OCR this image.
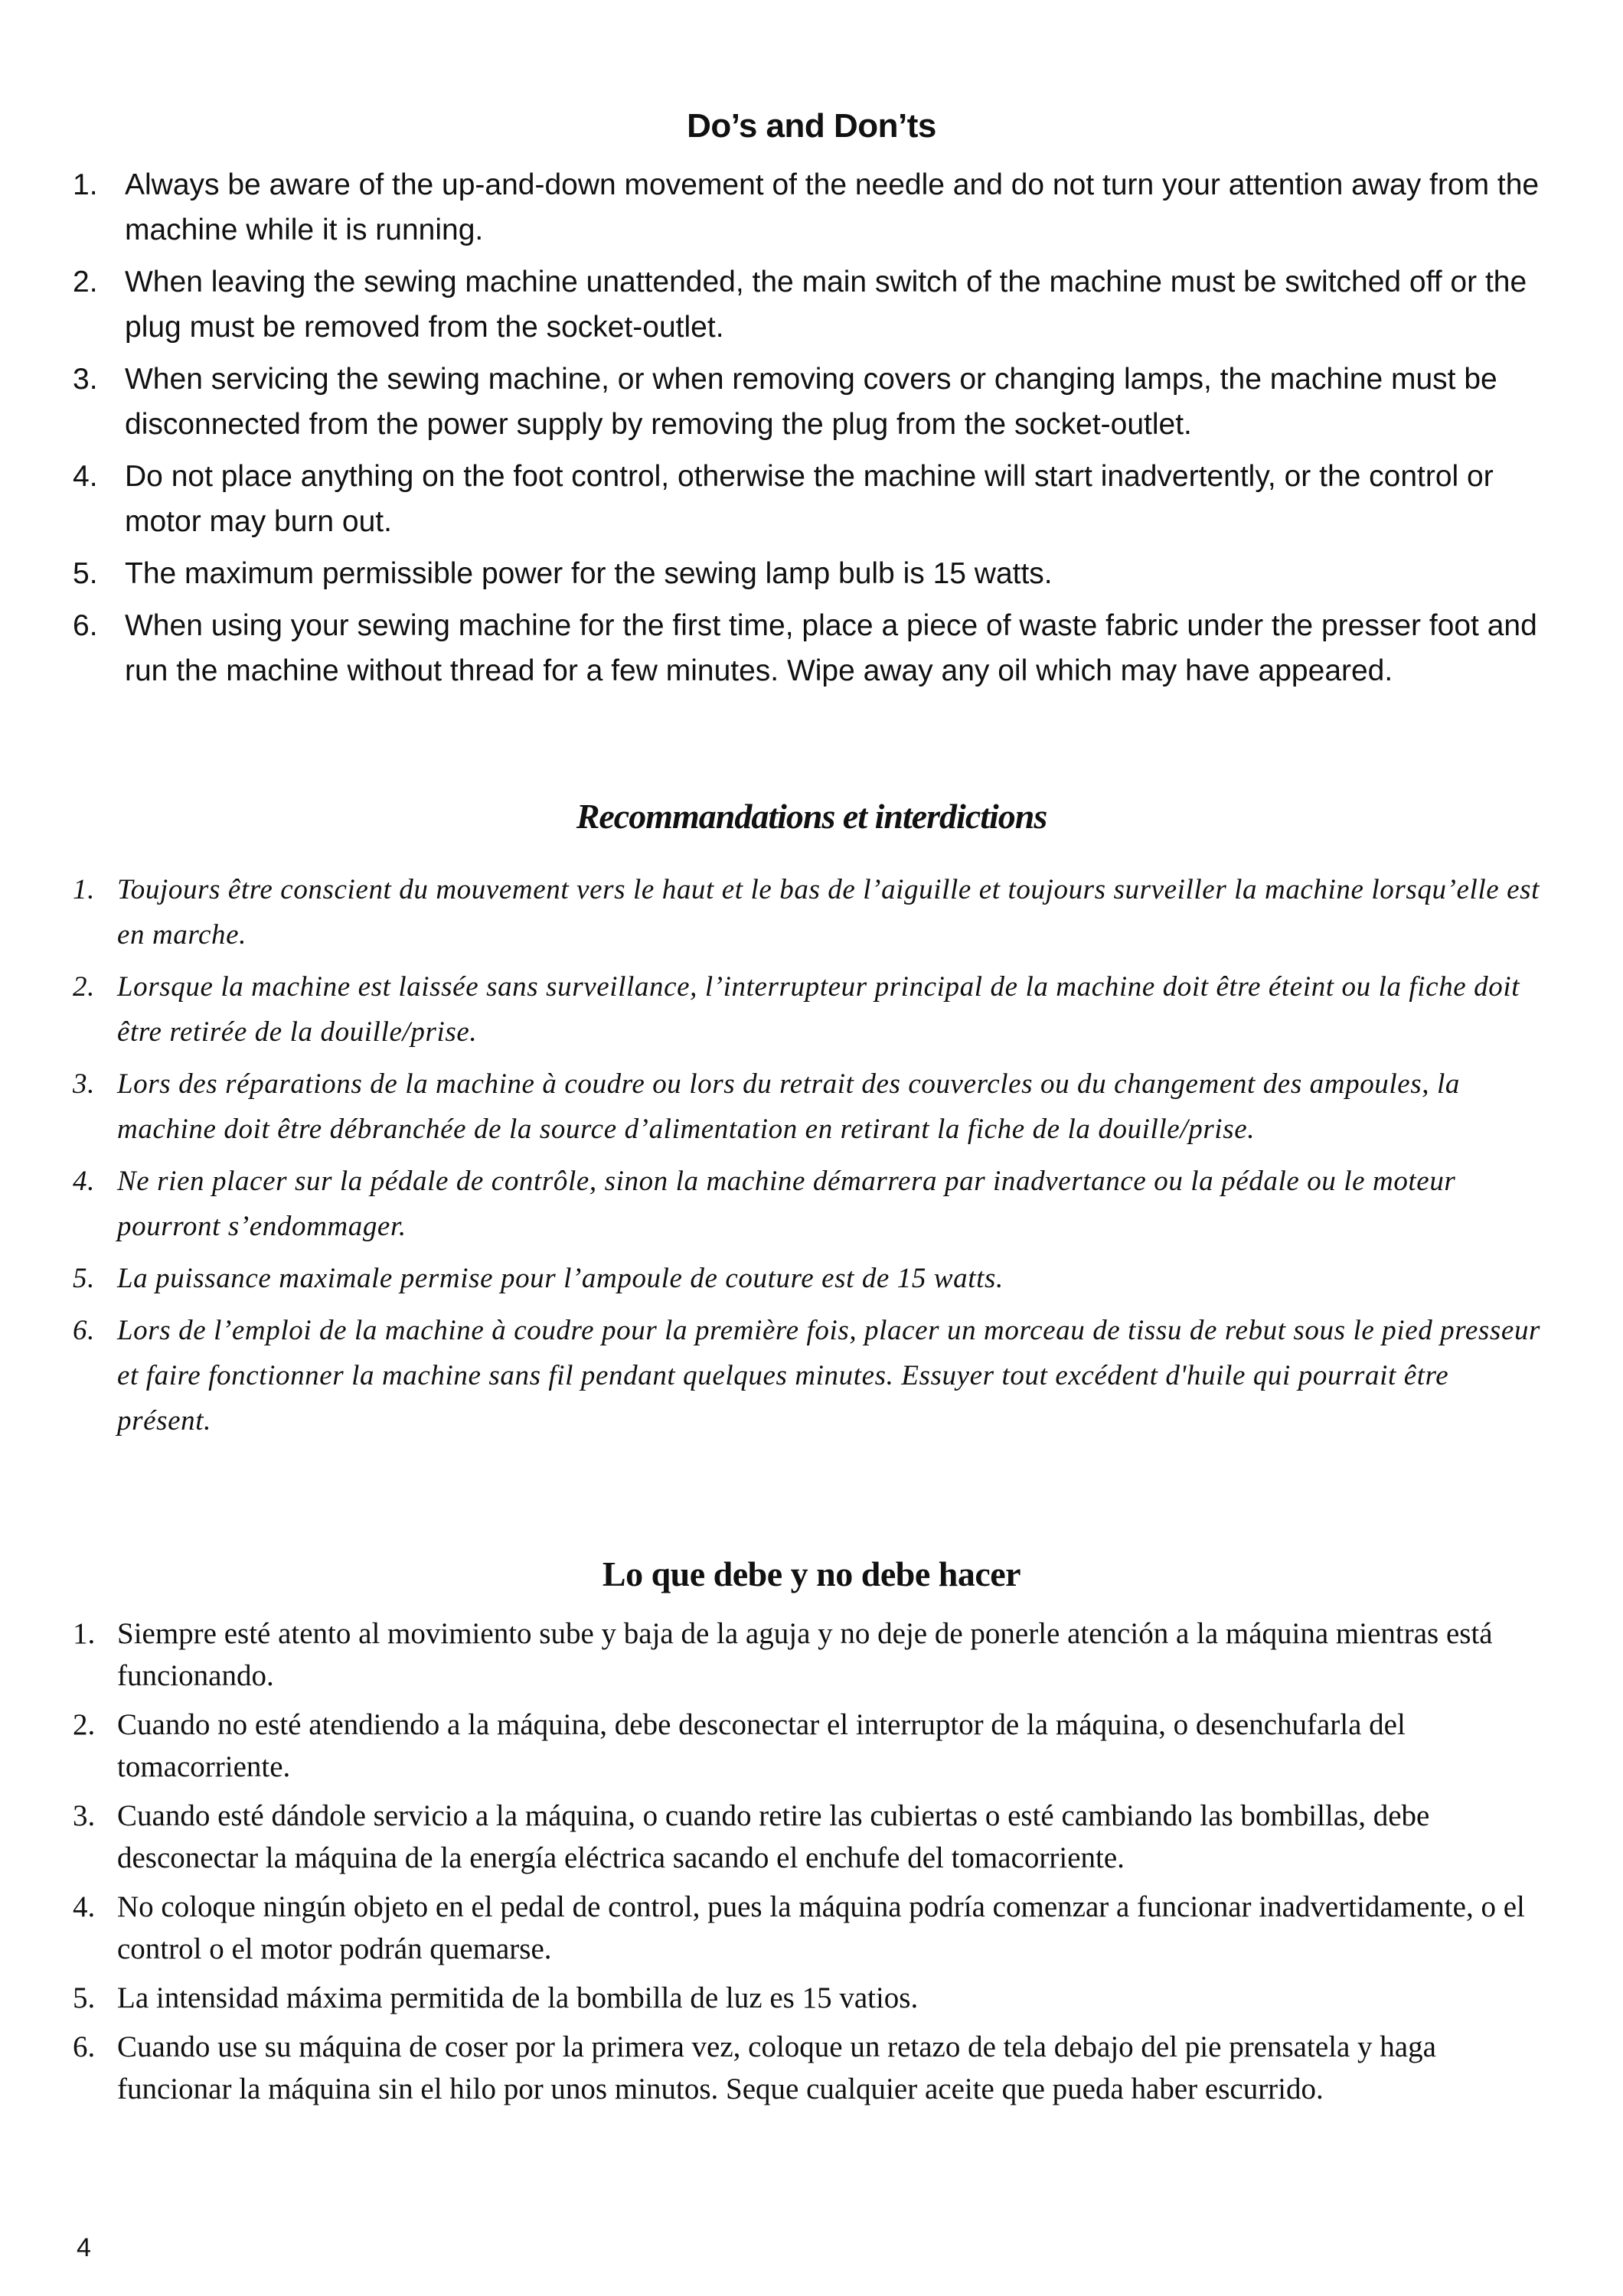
Do’s and Don’ts
1. Always be aware of the up-and-down movement of the needle and do not turn your attention away from the machine while it is running.
2. When leaving the sewing machine unattended, the main switch of the machine must be switched off or the plug must be removed from the socket-outlet.
3. When servicing the sewing machine, or when removing covers or changing lamps, the machine must be disconnected from the power supply by removing the plug from the socket-outlet.
4. Do not place anything on the foot control, otherwise the machine will start inadvertently, or the control or motor may burn out.
5. The maximum permissible power for the sewing lamp bulb is 15 watts.
6. When using your sewing machine for the first time, place a piece of waste fabric under the presser foot and run the machine without thread for a few minutes. Wipe away any oil which may have appeared.
Recommandations et interdictions
1. Toujours être conscient du mouvement vers le haut et le bas de l’aiguille et toujours surveiller la machine lorsqu’elle est en marche.
2. Lorsque la machine est laissée sans surveillance, l’interrupteur principal de la machine doit être éteint ou la fiche doit être retirée de la douille/prise.
3. Lors des réparations de la machine à coudre ou lors du retrait des couvercles ou du changement des ampoules, la machine doit être débranchée de la source d’alimentation en retirant la fiche de la douille/prise.
4. Ne rien placer sur la pédale de contrôle, sinon la machine démarrera par inadvertance ou la pédale ou le moteur pourront s’endommager.
5. La puissance maximale permise pour l’ampoule de couture est de 15 watts.
6. Lors de l’emploi de la machine à coudre pour la première fois, placer un morceau de tissu de rebut sous le pied presseur et faire fonctionner la machine sans fil pendant quelques minutes. Essuyer tout excédent d'huile qui pourrait être présent.
Lo que debe y no debe hacer
1. Siempre esté atento al movimiento sube y baja de la aguja y no deje de ponerle atención a la máquina mientras está funcionando.
2. Cuando no esté atendiendo a la máquina, debe desconectar el interruptor de la máquina, o desenchufarla del tomacorriente.
3. Cuando esté dándole servicio a la máquina, o cuando retire las cubiertas o esté cambiando las bombillas, debe desconectar la máquina de la energía eléctrica sacando el enchufe del tomacorriente.
4. No coloque ningún objeto en el pedal de control, pues la máquina podría comenzar a funcionar inadvertidamente, o el control o el motor podrán quemarse.
5. La intensidad máxima permitida de la bombilla de luz es 15 vatios.
6. Cuando use su máquina de coser por la primera vez, coloque un retazo de tela debajo del pie prensatela y haga funcionar la máquina sin el hilo por unos minutos. Seque cualquier aceite que pueda haber escurrido.
4
